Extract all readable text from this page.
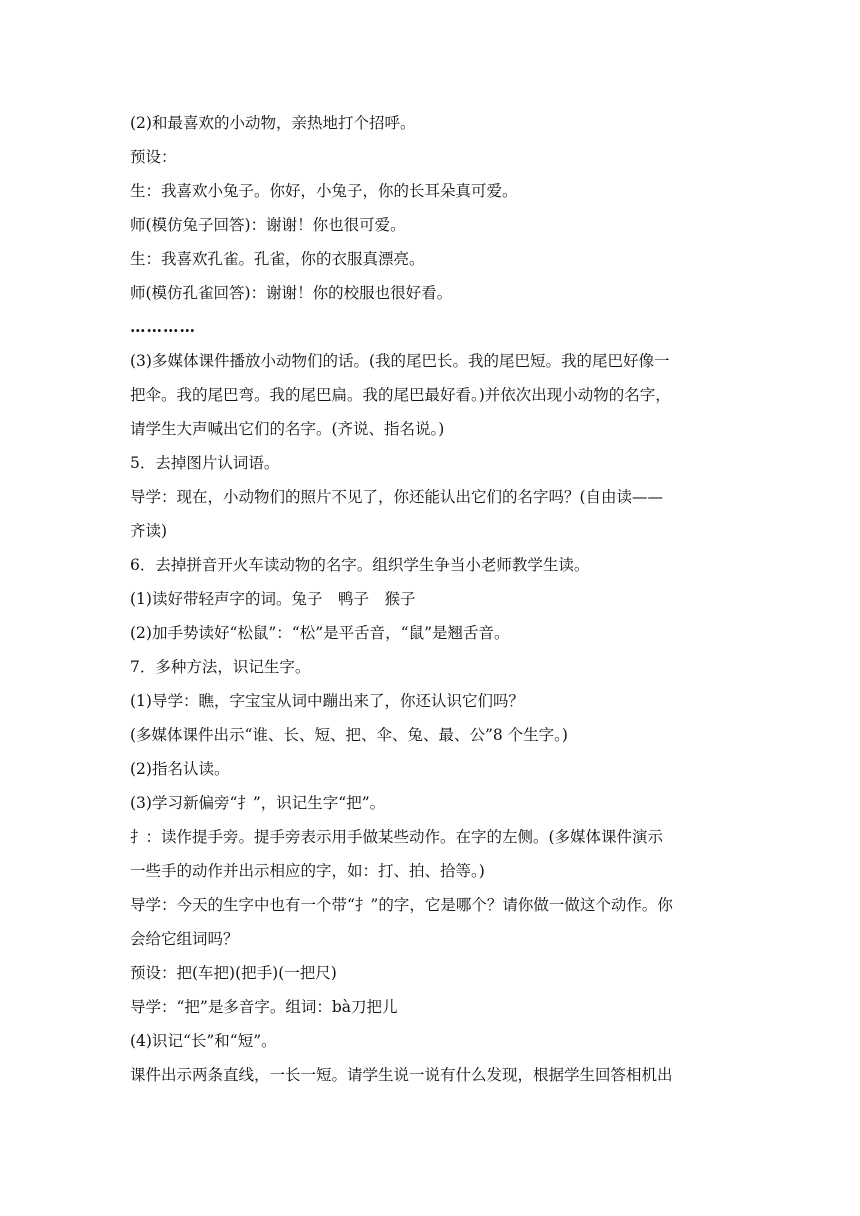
(2)和最喜欢的小动物，亲热地打个招呼。
预设：
生：我喜欢小兔子。你好，小兔子，你的长耳朵真可爱。
师(模仿兔子回答)：谢谢！你也很可爱。
生：我喜欢孔雀。孔雀，你的衣服真漂亮。
师(模仿孔雀回答)：谢谢！你的校服也很好看。
…………
(3)多媒体课件播放小动物们的话。(我的尾巴长。我的尾巴短。我的尾巴好像一
把伞。我的尾巴弯。我的尾巴扁。我的尾巴最好看。)并依次出现小动物的名字，
请学生大声喊出它们的名字。(齐说、指名说。)
5．去掉图片认词语。
导学：现在，小动物们的照片不见了，你还能认出它们的名字吗？(自由读——
齐读)
6．去掉拼音开火车读动物的名字。组织学生争当小老师教学生读。
(1)读好带轻声字的词。兔子　鸭子　猴子
(2)加手势读好“松鼠”：“松”是平舌音，“鼠”是翘舌音。
7．多种方法，识记生字。
(1)导学：瞧，字宝宝从词中蹦出来了，你还认识它们吗？
(多媒体课件出示“谁、长、短、把、伞、兔、最、公”8 个生字。)
(2)指名认读。
(3)学习新偏旁“扌”，识记生字“把”。
扌：读作提手旁。提手旁表示用手做某些动作。在字的左侧。(多媒体课件演示
一些手的动作并出示相应的字，如：打、拍、拾等。)
导学：今天的生字中也有一个带“扌”的字，它是哪个？请你做一做这个动作。你
会给它组词吗？
预设：把(车把)(把手)(一把尺)
导学：“把”是多音字。组词：bà刀把儿
(4)识记“长”和“短”。
课件出示两条直线，一长一短。请学生说一说有什么发现，根据学生回答相机出
